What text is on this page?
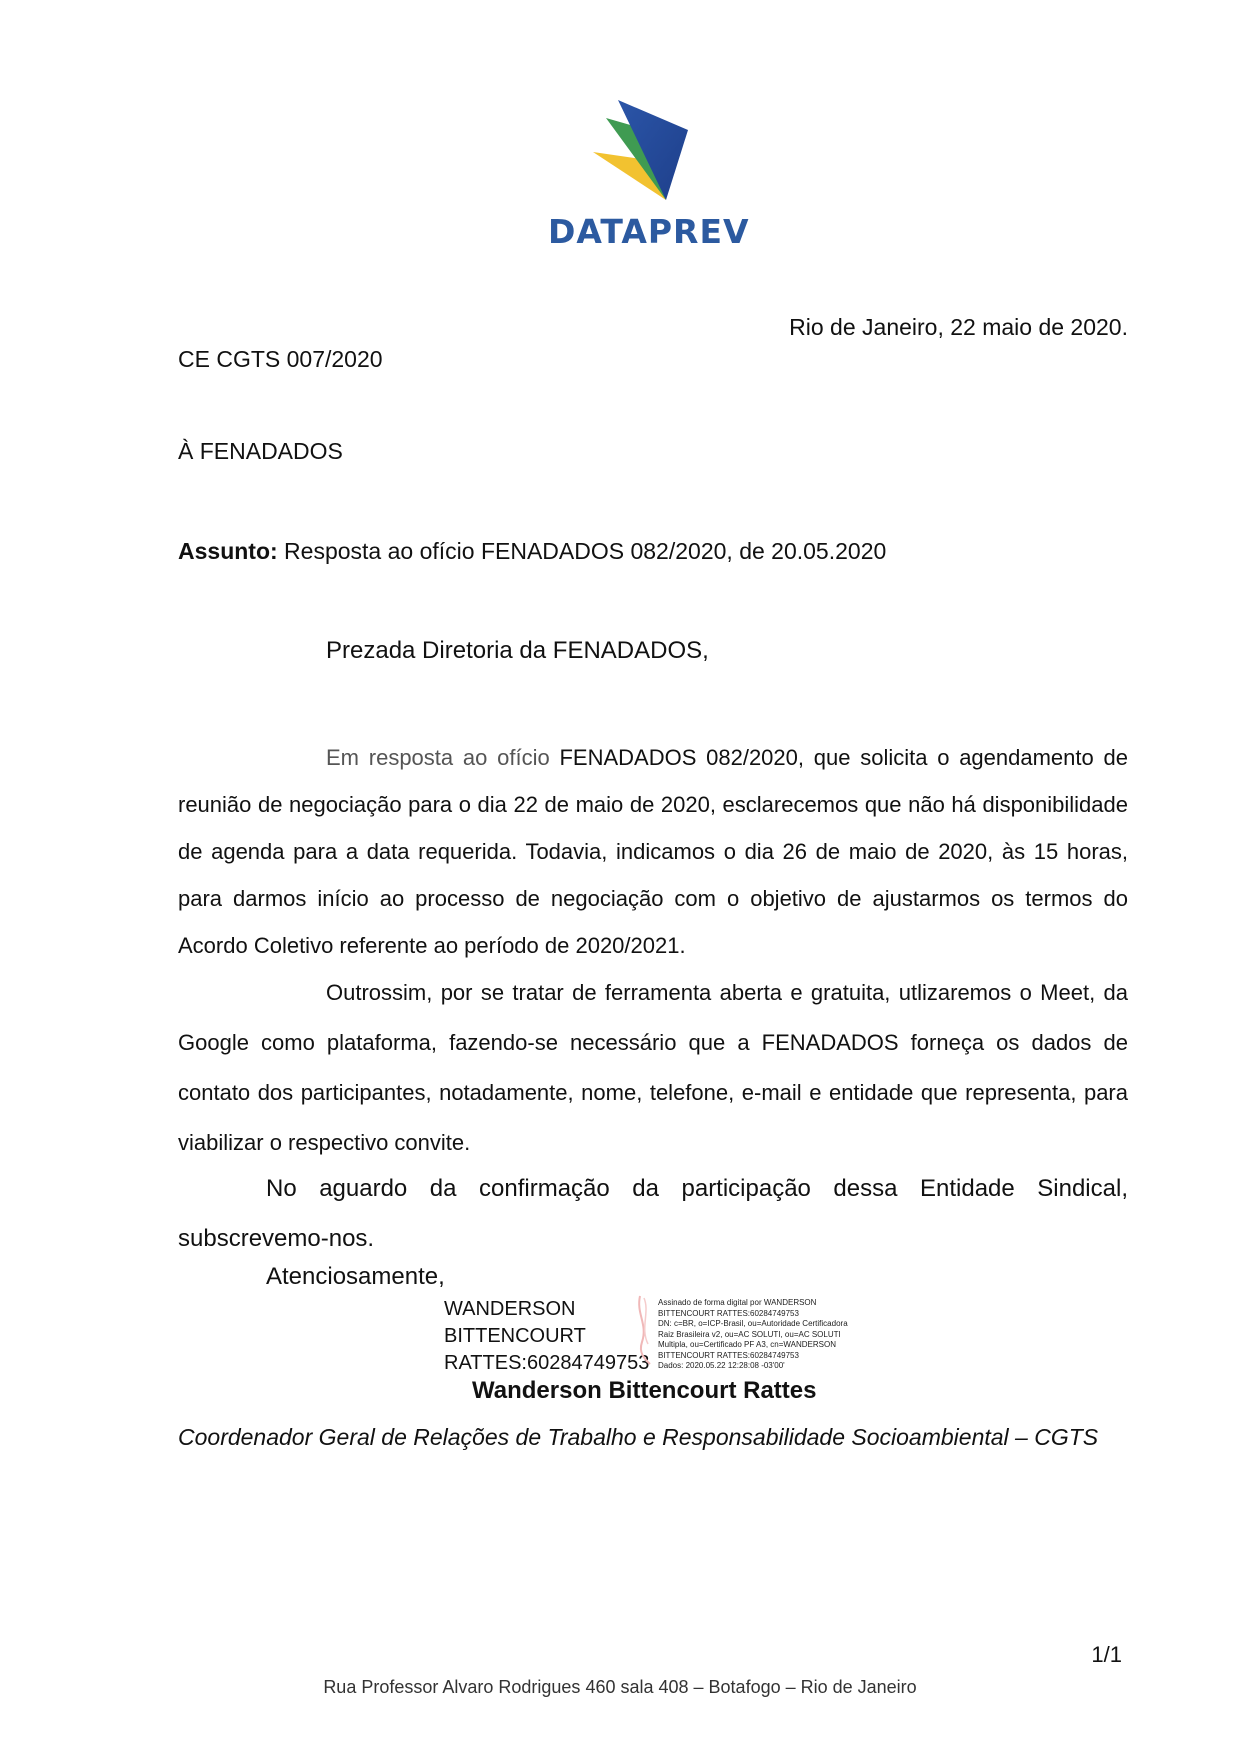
DATAPREV
Rio de Janeiro, 22 maio de 2020.
CE CGTS 007/2020
À FENADADOS
Assunto: Resposta ao ofício FENADADOS 082/2020, de 20.05.2020
Prezada Diretoria da FENADADOS,

Em resposta ao ofício FENADADOS 082/2020, que solicita o agendamento de reunião de negociação para o dia 22 de maio de 2020, esclarecemos que não há disponibilidade de agenda para a data requerida. Todavia, indicamos o dia 26 de maio de 2020, às 15 horas, para darmos início ao processo de negociação com o objetivo de ajustarmos os termos do Acordo Coletivo referente ao período de 2020/2021.

Outrossim, por se tratar de ferramenta aberta e gratuita, utlizaremos o Meet, da Google como plataforma, fazendo-se necessário que a FENADADOS forneça os dados de contato dos participantes, notadamente, nome, telefone, e-mail e entidade que representa, para viabilizar o respectivo convite.

No aguardo da confirmação da participação dessa Entidade Sindical, subscrevemo-nos.

Atenciosamente,
WANDERSON
BITTENCOURT
RATTES:60284749753
Assinado de forma digital por WANDERSON
BITTENCOURT RATTES:60284749753
DN: c=BR, o=ICP-Brasil, ou=Autoridade Certificadora
Raiz Brasileira v2, ou=AC SOLUTI, ou=AC SOLUTI
Multipla, ou=Certificado PF A3, cn=WANDERSON
BITTENCOURT RATTES:60284749753
Dados: 2020.05.22 12:28:08 -03'00'
Wanderson Bittencourt Rattes
Coordenador Geral de Relações de Trabalho e Responsabilidade Socioambiental – CGTS
1/1
Rua Professor Alvaro Rodrigues 460 sala 408 – Botafogo – Rio de Janeiro
